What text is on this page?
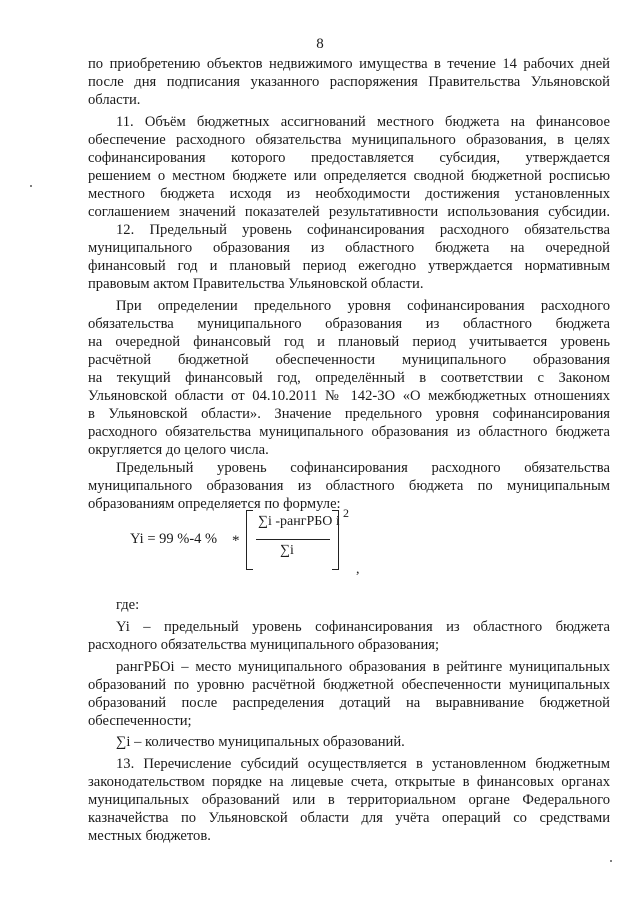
8
по приобретению объектов недвижимого имущества в течение 14 рабочих дней
после дня подписания указанного распоряжения Правительства Ульяновской
области.
11. Объём бюджетных ассигнований местного бюджета на финансовое
обеспечение расходного обязательства муниципального образования, в целях
софинансирования которого предоставляется субсидия, утверждается
решением о местном бюджете или определяется сводной бюджетной росписью
местного бюджета исходя из необходимости достижения установленных
соглашением значений показателей результативности использования субсидии.
12. Предельный уровень софинансирования расходного обязательства
муниципального образования из областного бюджета на очередной
финансовый год и плановый период ежегодно утверждается нормативным
правовым актом Правительства Ульяновской области.
При определении предельного уровня софинансирования расходного
обязательства муниципального образования из областного бюджета
на очередной финансовый год и плановый период учитывается уровень
расчётной бюджетной обеспеченности муниципального образования
на текущий финансовый год, определённый в соответствии с Законом
Ульяновской области от 04.10.2011 № 142-ЗО «О межбюджетных отношениях
в Ульяновской области». Значение предельного уровня софинансирования
расходного обязательства муниципального образования из областного бюджета
округляется до целого числа.
Предельный уровень софинансирования расходного обязательства
муниципального образования из областного бюджета по муниципальным
образованиям определяется по формуле:
Yi = 99 %-4 % *
∑i -рангРБО i
∑i
2
,
где:
Yi – предельный уровень софинансирования из областного бюджета
расходного обязательства муниципального образования;
рангРБОi – место муниципального образования в рейтинге муниципальных
образований по уровню расчётной бюджетной обеспеченности муниципальных
образований после распределения дотаций на выравнивание бюджетной
обеспеченности;
∑i – количество муниципальных образований.
13. Перечисление субсидий осуществляется в установленном бюджетным
законодательством порядке на лицевые счета, открытые в финансовых органах
муниципальных образований или в территориальном органе Федерального
казначейства по Ульяновской области для учёта операций со средствами
местных бюджетов.
